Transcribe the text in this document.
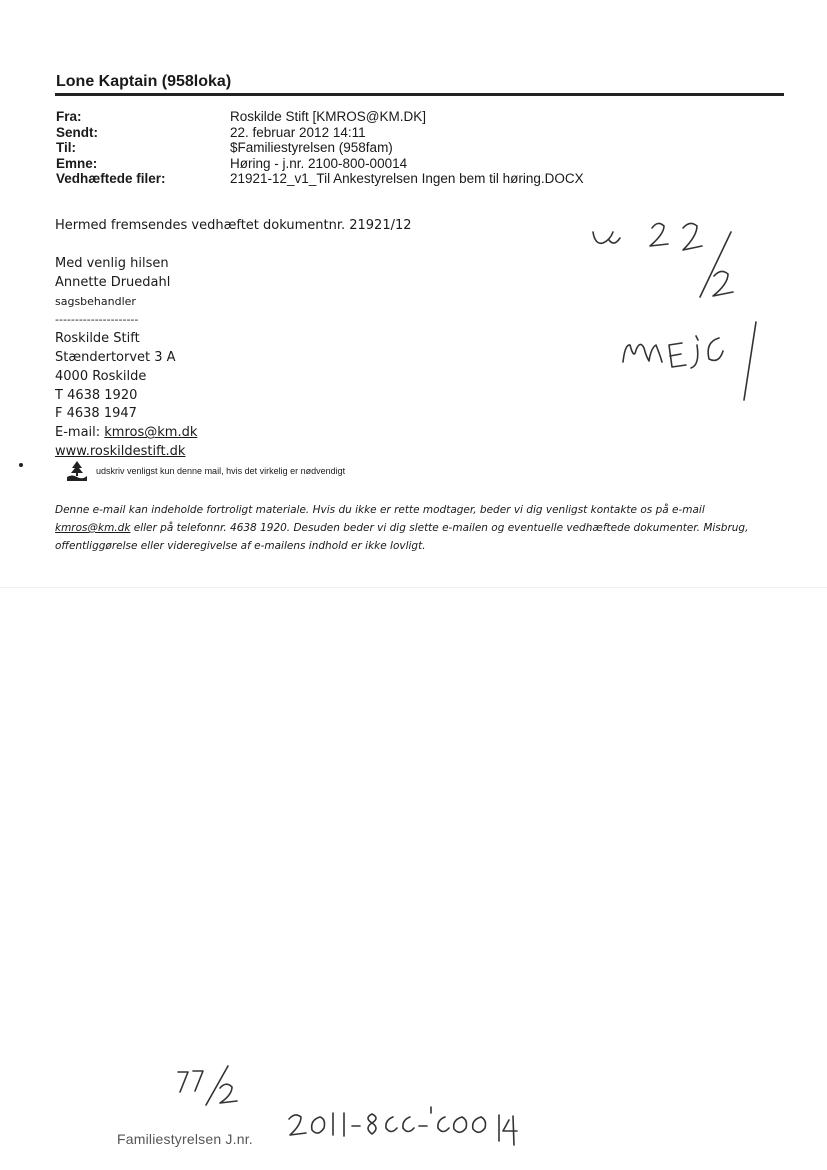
Lone Kaptain (958loka)
Fra:	Roskilde Stift [KMROS@KM.DK]
Sendt:	22. februar 2012 14:11
Til:	$Familiestyrelsen (958fam)
Emne:	Høring - j.nr. 2100-800-00014
Vedhæftede filer:	21921-12_v1_Til Ankestyrelsen Ingen bem til høring.DOCX
Hermed fremsendes vedhæftet dokumentnr. 21921/12
Med venlig hilsen
Annette Druedahl
sagsbehandler
---------------------
Roskilde Stift
Stændertorvet 3 A
4000 Roskilde
T 4638 1920
F 4638 1947
E-mail: kmros@km.dk
www.roskildestift.dk
udskriv venligst kun denne mail, hvis det virkelig er nødvendigt
Denne e-mail kan indeholde fortroligt materiale. Hvis du ikke er rette modtager, beder vi dig venligst kontakte os på e-mail kmros@km.dk eller på telefonnr. 4638 1920. Desuden beder vi dig slette e-mailen og eventuelle vedhæftede dokumenter. Misbrug, offentliggørelse eller videregivelse af e-mailens indhold er ikke lovligt.
Familiestyrelsen J.nr.
